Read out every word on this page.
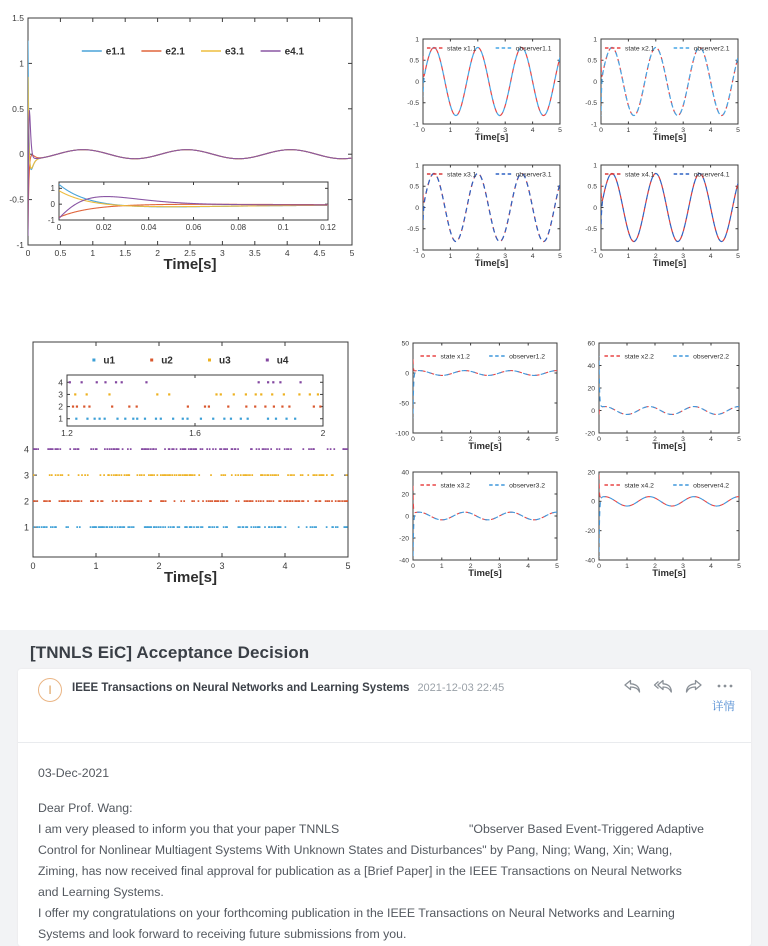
0	0.5	1	1.5	2	2.5	3	3.5	4	4.5	5
-1
-0.5
0
0.5
1
1.5
e1.1	e2.1	e3.1	e4.1
Time[s]
0	0.02	0.04	0.06	0.08	0.1	0.12
-1
0
1
0	1	2	3	4	5
-1
-0.5
0
0.5
1
state x1.1	observer1.1
Time[s]
0	1	2	3	4	5
-1
-0.5
0
0.5
1
state x2.1	observer2.1
Time[s]
0	1	2	3	4	5
-1
-0.5
0
0.5
1
state x3.1	observer3.1
Time[s]
0	1	2	3	4	5
-1
-0.5
0
0.5
1
state x4.1	observer4.1
Time[s]
0	1	2	3	4	5
1
2
3
4
u1	u2	u3	u4
Time[s]
1.2	1.6	2
1
2
3
4
0	1	2	3	4	5
-100
-50
0
50
state x1.2	observer1.2
Time[s]
0	1	2	3	4	5
-20
0
20
40
60
state x2.2	observer2.2
Time[s]
0	1	2	3	4	5
-40
-20
0
20
40
state x3.2	observer3.2
Time[s]
0	1	2	3	4	5
-40
-20
0
20
state x4.2	observer4.2
Time[s]
[TNNLS EiC] Acceptance Decision
I	IEEE Transactions on Neural Networks and Learning Systems 2021-12-03 22:45
详情
03-Dec-2021
Dear Prof. Wang:
I am very pleased to inform you that your paper TNNLS                                      "Observer Based Event-Triggered Adaptive
Control for Nonlinear Multiagent Systems With Unknown States and Disturbances" by Pang, Ning; Wang, Xin; Wang,
Ziming, has now received final approval for publication as a [Brief Paper] in the IEEE Transactions on Neural Networks
and Learning Systems.
I offer my congratulations on your forthcoming publication in the IEEE Transactions on Neural Networks and Learning
Systems and look forward to receiving future submissions from you.
